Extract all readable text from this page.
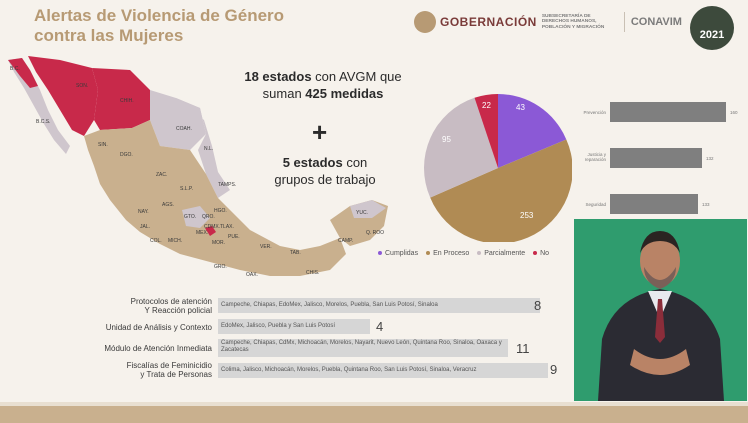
Alertas de Violencia de Género
contra las Mujeres
GOBERNACIÓN SUBSECRETARÍA DE DERECHOS HUMANOS, POBLACIÓN Y MIGRACIÓN	CONAVIM
2021
B.C.S.
SON.
CHIH.
COAH.
N.L.
SIN.
DGO.
ZAC.
S.L.P.
TAMPS.
NAY.
AGS.
JAL.
GTO. QRO.
HGO.
COL. MICH.
MEX.
MOR.
TLAX.
PUE.
VER.
GRO.
OAX.
TAB.
CHIS.
CAMP.
YUC.
Q. ROO
B.C.
CDMX.
18 estados con AVGM que
suman 425 medidas
+
5 estados con
grupos de trabajo
43
253
95
22
Cumplidas	En Proceso	Parcialmente	No
Prevención	160
Justicia y reparación	132
Seguridad	133
Protocolos de atención
Y Reacción policial
Campeche, Chiapas, EdoMex, Jalisco, Morelos, Puebla, San Luis Potosí, Sinaloa	8
Unidad de Análisis y Contexto	EdoMex, Jalisco, Puebla y San Luis Potosí	4
Módulo de Atención Inmediata
Campeche, Chiapas, CdMx, Michoacán, Morelos, Nayarit, Nuevo León, Quintana Roo, Sinaloa, Oaxaca y Zacatecas	11
Fiscalías de Feminicidio
y Trata de Personas	Colima, Jalisco, Michoacán, Morelos, Puebla, Quintana Roo, San Luis Potosí, Sinaloa, Veracruz	9
